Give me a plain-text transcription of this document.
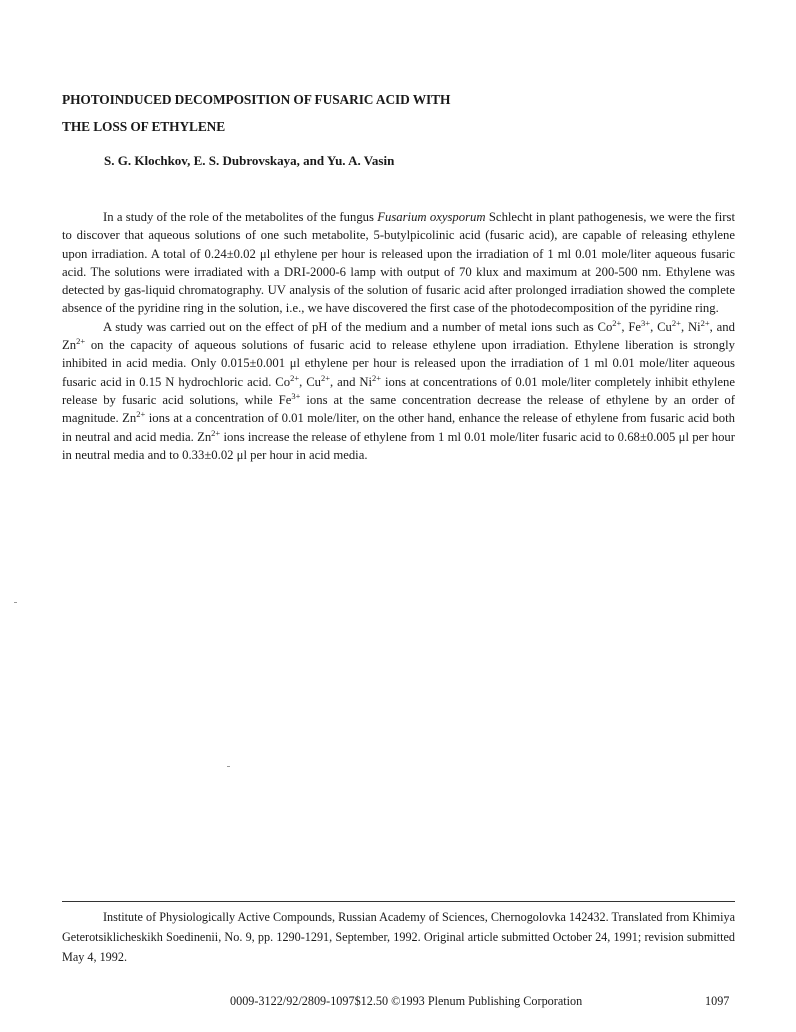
PHOTOINDUCED DECOMPOSITION OF FUSARIC ACID WITH
THE LOSS OF ETHYLENE

S. G. Klochkov, E. S. Dubrovskaya, and Yu. A. Vasin

In a study of the role of the metabolites of the fungus Fusarium oxysporum Schlecht in plant pathogenesis, we were the first to discover that aqueous solutions of one such metabolite, 5-butylpicolinic acid (fusaric acid), are capable of releasing ethylene upon irradiation. A total of 0.24±0.02 μl ethylene per hour is released upon the irradiation of 1 ml 0.01 mole/liter aqueous fusaric acid. The solutions were irradiated with a DRI-2000-6 lamp with output of 70 klux and maximum at 200-500 nm. Ethylene was detected by gas-liquid chromatography. UV analysis of the solution of fusaric acid after prolonged irradiation showed the complete absence of the pyridine ring in the solution, i.e., we have discovered the first case of the photodecomposition of the pyridine ring.

A study was carried out on the effect of pH of the medium and a number of metal ions such as $Co^{2+}$, $Fe^{3+}$, $Cu^{2+}$, $Ni^{2+}$, and $Zn^{2+}$ on the capacity of aqueous solutions of fusaric acid to release ethylene upon irradiation. Ethylene liberation is strongly inhibited in acid media. Only 0.015±0.001 μl ethylene per hour is released upon the irradiation of 1 ml 0.01 mole/liter aqueous fusaric acid in 0.15 N hydrochloric acid. $Co^{2+}$, $Cu^{2+}$, and $Ni^{2+}$ ions at concentrations of 0.01 mole/liter completely inhibit ethylene release by fusaric acid solutions, while $Fe^{3+}$ ions at the same concentration decrease the release of ethylene by an order of magnitude. $Zn^{2+}$ ions at a concentration of 0.01 mole/liter, on the other hand, enhance the release of ethylene from fusaric acid both in neutral and acid media. $Zn^{2+}$ ions increase the release of ethylene from 1 ml 0.01 mole/liter fusaric acid to 0.68±0.005 μl per hour in neutral media and to 0.33±0.02 μl per hour in acid media.

Institute of Physiologically Active Compounds, Russian Academy of Sciences, Chernogolovka 142432. Translated from Khimiya Geterotsiklicheskikh Soedinenii, No. 9, pp. 1290-1291, September, 1992. Original article submitted October 24, 1991; revision submitted May 4, 1992.

0009-3122/92/2809-1097$12.50 ©1993 Plenum Publishing Corporation	1097
